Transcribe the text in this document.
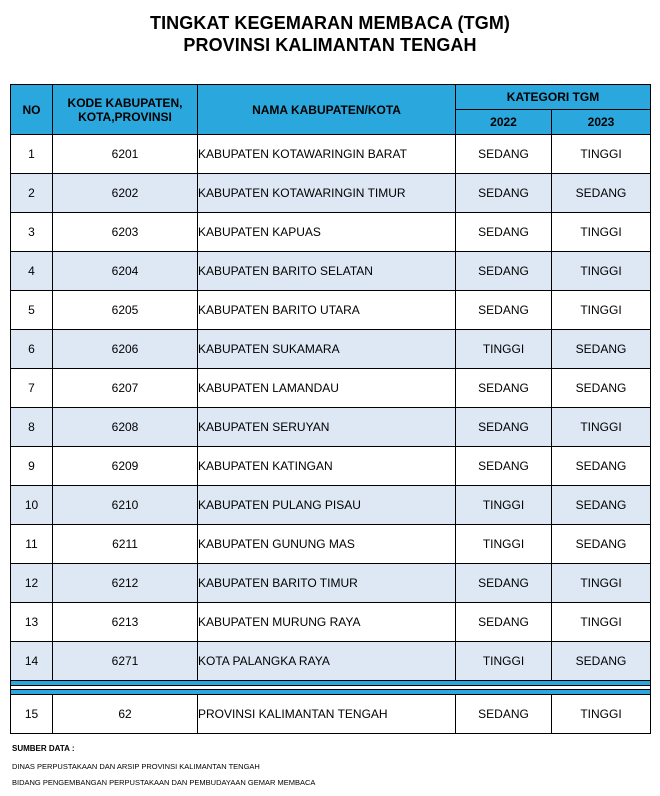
TINGKAT KEGEMARAN MEMBACA (TGM)
PROVINSI KALIMANTAN TENGAH
NO	KODE KABUPATEN, KOTA,PROVINSI	NAMA KABUPATEN/KOTA	KATEGORI TGM	
			2022	2023
1	6201	KABUPATEN KOTAWARINGIN BARAT	SEDANG	TINGGI
2	6202	KABUPATEN KOTAWARINGIN TIMUR	SEDANG	SEDANG
3	6203	KABUPATEN KAPUAS	SEDANG	TINGGI
4	6204	KABUPATEN BARITO SELATAN	SEDANG	TINGGI
5	6205	KABUPATEN BARITO UTARA	SEDANG	TINGGI
6	6206	KABUPATEN SUKAMARA	TINGGI	SEDANG
7	6207	KABUPATEN LAMANDAU	SEDANG	SEDANG
8	6208	KABUPATEN SERUYAN	SEDANG	TINGGI
9	6209	KABUPATEN KATINGAN	SEDANG	SEDANG
10	6210	KABUPATEN PULANG PISAU	TINGGI	SEDANG
11	6211	KABUPATEN GUNUNG MAS	TINGGI	SEDANG
12	6212	KABUPATEN BARITO TIMUR	SEDANG	TINGGI
13	6213	KABUPATEN MURUNG RAYA	SEDANG	TINGGI
14	6271	KOTA PALANGKA RAYA	TINGGI	SEDANG

15	62	PROVINSI KALIMANTAN TENGAH	SEDANG	TINGGI
SUMBER DATA :
DINAS PERPUSTAKAAN DAN ARSIP PROVINSI KALIMANTAN TENGAH
BIDANG PENGEMBANGAN PERPUSTAKAAN DAN PEMBUDAYAAN GEMAR MEMBACA
